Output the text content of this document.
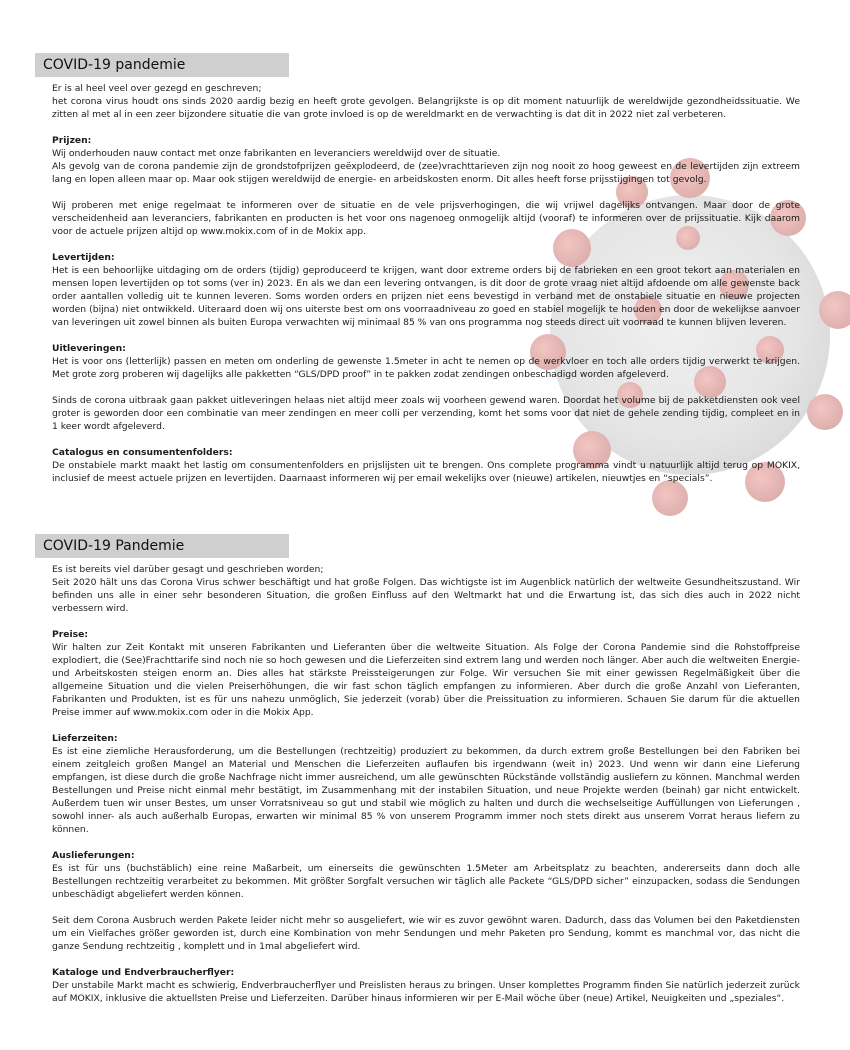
COVID-19 pandemie
Er is al heel veel over gezegd en geschreven;
het corona virus houdt ons sinds 2020 aardig bezig en heeft grote gevolgen. Belangrijkste is op dit moment natuurlijk de wereldwijde gezondheidssituatie. We zitten al met al in een zeer bijzondere situatie die van grote invloed is op de wereldmarkt en de verwachting is dat dit in 2022 niet zal verbeteren.
Prijzen:
Wij onderhouden nauw contact met onze fabrikanten en leveranciers wereldwijd over de situatie.
Als gevolg van de corona pandemie zijn de grondstofprijzen geëxplodeerd, de (zee)vrachttarieven zijn nog nooit zo hoog geweest en de levertijden zijn extreem lang en lopen alleen maar op. Maar ook stijgen wereldwijd de energie- en arbeidskosten enorm. Dit alles heeft forse prijsstijgingen tot gevolg.
Wij proberen met enige regelmaat te informeren over de situatie en de vele prijsverhogingen, die wij vrijwel dagelijks ontvangen. Maar door de grote verscheidenheid aan leveranciers, fabrikanten en producten is het voor ons nagenoeg onmogelijk altijd (vooraf) te informeren over de prijssituatie. Kijk daarom voor de actuele prijzen altijd op www.mokix.com of in de Mokix app.
Levertijden:
Het is een behoorlijke uitdaging om de orders (tijdig) geproduceerd te krijgen, want door extreme orders bij de fabrieken en een groot tekort aan materialen en mensen lopen levertijden op tot soms (ver in) 2023. En als we dan een levering ontvangen, is dit door de grote vraag niet altijd afdoende om alle gewenste back order aantallen volledig uit te kunnen leveren. Soms worden orders en prijzen niet eens bevestigd in verband met de onstabiele situatie en nieuwe projecten worden (bijna) niet ontwikkeld. Uiteraard doen wij ons uiterste best om ons voorraadniveau zo goed en stabiel mogelijk te houden en door de wekelijkse aanvoer van leveringen uit zowel binnen als buiten Europa verwachten wij minimaal 85 % van ons programma nog steeds direct uit voorraad te kunnen blijven leveren.
Uitleveringen:
Het is voor ons (letterlijk) passen en meten om onderling de gewenste 1.5meter in acht te nemen op de werkvloer en toch alle orders tijdig verwerkt te krijgen. Met grote zorg proberen wij dagelijks alle pakketten “GLS/DPD proof” in te pakken zodat zendingen onbeschadigd worden afgeleverd.
Sinds de corona uitbraak gaan pakket uitleveringen helaas niet altijd meer zoals wij voorheen gewend waren. Doordat het volume bij de pakketdiensten ook veel groter is geworden door een combinatie van meer zendingen en meer colli per verzending, komt het soms voor dat niet de gehele zending tijdig, compleet en in 1 keer wordt afgeleverd.
Catalogus en consumentenfolders:
De onstabiele markt maakt het lastig om consumentenfolders en prijslijsten uit te brengen. Ons complete programma vindt u natuurlijk altijd terug op MOKIX, inclusief de meest actuele prijzen en levertijden. Daarnaast informeren wij per email wekelijks over (nieuwe) artikelen, nieuwtjes en “specials”.
COVID-19 Pandemie
Es ist bereits viel darüber gesagt und geschrieben worden;
Seit 2020 hält uns das Corona Virus schwer beschäftigt und hat große Folgen. Das wichtigste ist im Augenblick natürlich der weltweite Gesundheitszustand. Wir befinden uns alle in einer sehr besonderen Situation, die großen Einfluss auf den Weltmarkt hat und die Erwartung ist, das sich dies auch in 2022 nicht verbessern wird.
Preise:
Wir halten zur Zeit Kontakt mit unseren Fabrikanten und Lieferanten über die weltweite Situation. Als Folge der Corona Pandemie sind die Rohstoffpreise explodiert, die (See)Frachttarife sind noch nie so hoch gewesen und die Lieferzeiten sind extrem lang und werden noch länger. Aber auch die weltweiten Energie- und Arbeitskosten steigen enorm an. Dies alles hat stärkste Preissteigerungen zur Folge. Wir versuchen Sie mit einer gewissen Regelmäßigkeit über die allgemeine Situation und die vielen Preiserhöhungen, die wir fast schon täglich empfangen zu informieren. Aber durch die große Anzahl von Lieferanten, Fabrikanten und Produkten, ist es für uns nahezu unmöglich, Sie jederzeit (vorab) über die Preissituation zu informieren. Schauen Sie darum für die aktuellen Preise immer auf www.mokix.com oder in die Mokix App.
Lieferzeiten:
Es ist eine ziemliche Herausforderung, um die Bestellungen (rechtzeitig) produziert zu bekommen, da durch extrem große Bestellungen bei den Fabriken bei einem zeitgleich großen Mangel an Material und Menschen die Lieferzeiten auflaufen bis irgendwann (weit in) 2023. Und wenn wir dann eine Lieferung empfangen, ist diese durch die große Nachfrage nicht immer ausreichend, um alle gewünschten Rückstände vollständig ausliefern zu können. Manchmal werden Bestellungen und Preise nicht einmal mehr bestätigt, im Zusammenhang mit der instabilen Situation, und neue Projekte werden (beinah) gar nicht entwickelt. Außerdem tuen wir unser Bestes, um unser Vorratsniveau so gut und stabil wie möglich zu halten und durch die wechselseitige Auffüllungen von Lieferungen , sowohl inner- als auch außerhalb Europas, erwarten wir minimal 85 % von unserem Programm immer noch stets direkt aus unserem Vorrat heraus liefern zu können.
Auslieferungen:
Es ist für uns (buchstäblich) eine reine Maßarbeit, um einerseits die gewünschten 1.5Meter am Arbeitsplatz zu beachten, andererseits dann doch alle Bestellungen rechtzeitig verarbeitet zu bekommen. Mit größter Sorgfalt versuchen wir täglich alle Packete “GLS/DPD sicher” einzupacken, sodass die Sendungen unbeschädigt abgeliefert werden können.
Seit dem Corona Ausbruch werden Pakete leider nicht mehr so ausgeliefert, wie wir es zuvor gewöhnt waren. Dadurch, dass das Volumen bei den Paketdiensten um ein Vielfaches größer geworden ist, durch eine Kombination von mehr Sendungen und mehr Paketen pro Sendung, kommt es manchmal vor, das nicht die ganze Sendung rechtzeitig , komplett und in 1mal abgeliefert wird.
Kataloge und Endverbraucherflyer:
Der unstabile Markt macht es schwierig, Endverbraucherflyer und Preislisten heraus zu bringen. Unser komplettes Programm finden Sie natürlich jederzeit zurück auf MOKIX, inklusive die aktuellsten Preise und Lieferzeiten. Darüber hinaus informieren wir per E-Mail wöche über (neue) Artikel, Neuigkeiten und „speziales“.
